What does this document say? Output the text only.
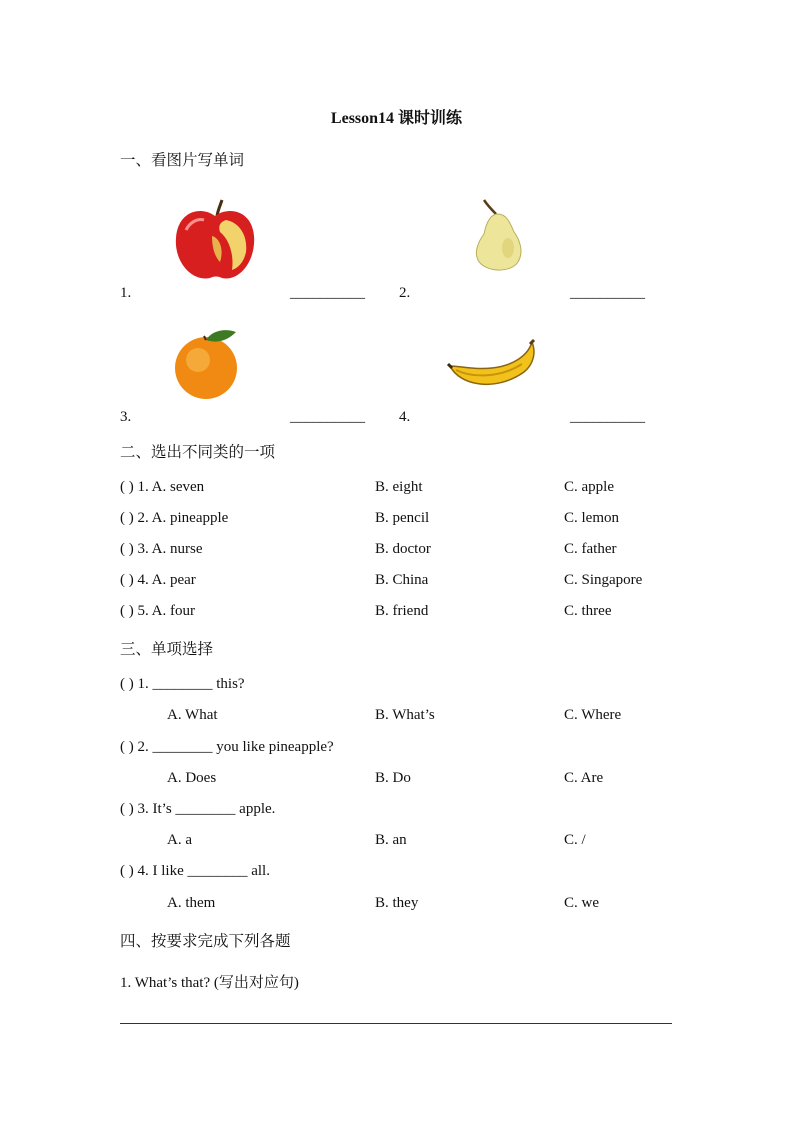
Lesson14 课时训练
一、看图片写单词
1.	__________ 2.	__________
3.	__________ 4.	__________
二、选出不同类的一项
( ) 1. A. seven	B. eight	C. apple
( ) 2. A. pineapple	B. pencil	C. lemon
( ) 3. A. nurse	B. doctor	C. father
( ) 4. A. pear	B. China	C. Singapore
( ) 5. A. four	B. friend	C. three
三、单项选择
( ) 1. ________ this?
A. What	B. What’s	C. Where
( ) 2. ________ you like pineapple?
A. Does	B. Do	C. Are
( ) 3. It’s ________ apple.
A. a	B. an	C. /
( ) 4. I like ________ all.
A. them	B. they	C. we
四、按要求完成下列各题
1. What’s that? (写出对应句)
